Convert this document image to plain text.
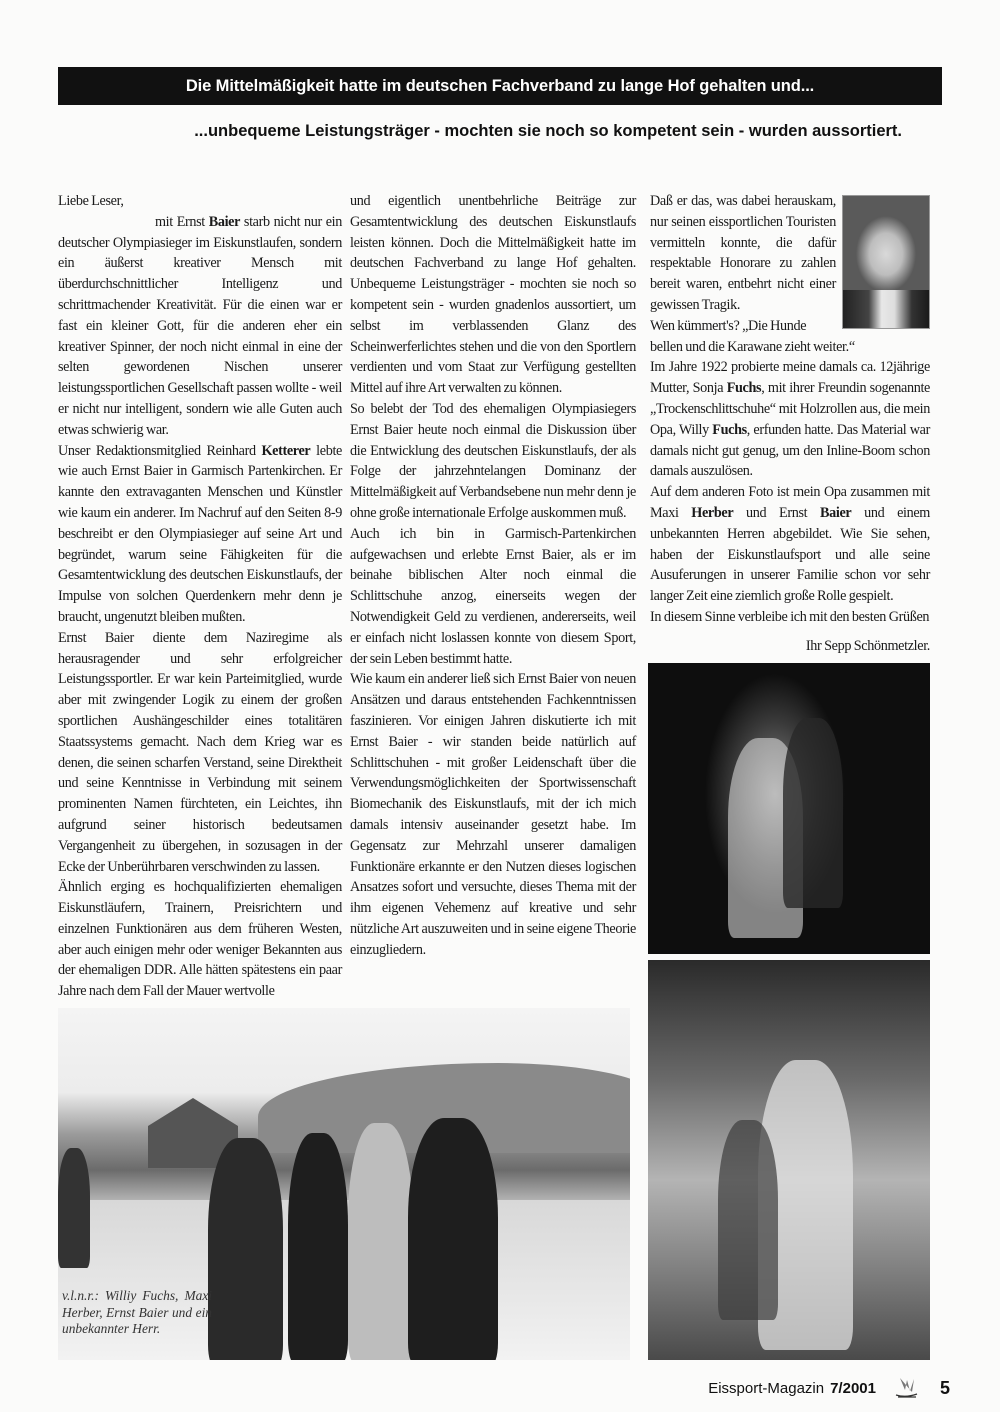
Die Mittelmäßigkeit hatte im deutschen Fachverband zu lange Hof gehalten und...
...unbequeme Leistungsträger - mochten sie noch so kompetent sein - wurden aussortiert.

Liebe Leser,

mit Ernst Baier starb nicht nur ein deutscher Olympiasieger im Eiskunstlaufen, sondern ein äußerst kreativer Mensch mit überdurchschnittlicher Intelligenz und schrittmachender Kreativität. Für die einen war er fast ein kleiner Gott, für die anderen eher ein kreativer Spinner, der noch nicht einmal in eine der selten gewordenen Nischen unserer leistungssportlichen Gesellschaft passen wollte - weil er nicht nur intelligent, sondern wie alle Guten auch etwas schwierig war.

Unser Redaktionsmitglied Reinhard Ketterer lebte wie auch Ernst Baier in Garmisch Partenkirchen. Er kannte den extravaganten Menschen und Künstler wie kaum ein anderer. Im Nachruf auf den Seiten 8-9 beschreibt er den Olympiasieger auf seine Art und begründet, warum seine Fähigkeiten für die Gesamtentwicklung des deutschen Eiskunstlaufs, der Impulse von solchen Querdenkern mehr denn je braucht, ungenutzt bleiben mußten.

Ernst Baier diente dem Naziregime als herausragender und sehr erfolgreicher Leistungssportler. Er war kein Parteimitglied, wurde aber mit zwingender Logik zu einem der großen sportlichen Aushängeschilder eines totalitären Staatssystems gemacht. Nach dem Krieg war es denen, die seinen scharfen Verstand, seine Direktheit und seine Kenntnisse in Verbindung mit seinem prominenten Namen fürchteten, ein Leichtes, ihn aufgrund seiner historisch bedeutsamen Vergangenheit zu übergehen, in sozusagen in der Ecke der Unberührbaren verschwinden zu lassen.

Ähnlich erging es hochqualifizierten ehemaligen Eiskunstläufern, Trainern, Preisrichtern und einzelnen Funktionären aus dem früheren Westen, aber auch einigen mehr oder weniger Bekannten aus der ehemaligen DDR. Alle hätten spätestens ein paar Jahre nach dem Fall der Mauer wertvolle

und eigentlich unentbehrliche Beiträge zur Gesamtentwicklung des deutschen Eiskunstlaufs leisten können. Doch die Mittelmäßigkeit hatte im deutschen Fachverband zu lange Hof gehalten. Unbequeme Leistungsträger - mochten sie noch so kompetent sein - wurden gnadenlos aussortiert, um selbst im verblassenden Glanz des Scheinwerferlichtes stehen und die von den Sportlern verdienten und vom Staat zur Verfügung gestellten Mittel auf ihre Art verwalten zu können.

So belebt der Tod des ehemaligen Olympiasiegers Ernst Baier heute noch einmal die Diskussion über die Entwicklung des deutschen Eiskunstlaufs, der als Folge der jahrzehntelangen Dominanz der Mittelmäßigkeit auf Verbandsebene nun mehr denn je ohne große internationale Erfolge auskommen muß.

Auch ich bin in Garmisch-Partenkirchen aufgewachsen und erlebte Ernst Baier, als er im beinahe biblischen Alter noch einmal die Schlittschuhe anzog, einerseits wegen der Notwendigkeit Geld zu verdienen, andererseits, weil er einfach nicht loslassen konnte von diesem Sport, der sein Leben bestimmt hatte.

Wie kaum ein anderer ließ sich Ernst Baier von neuen Ansätzen und daraus entstehenden Fachkenntnissen faszinieren. Vor einigen Jahren diskutierte ich mit Ernst Baier - wir standen beide natürlich auf Schlittschuhen - mit großer Leidenschaft über die Verwendungsmöglichkeiten der Sportwissenschaft Biomechanik des Eiskunstlaufs, mit der ich mich damals intensiv auseinander gesetzt habe. Im Gegensatz zur Mehrzahl unserer damaligen Funktionäre erkannte er den Nutzen dieses logischen Ansatzes sofort und versuchte, dieses Thema mit der ihm eigenen Vehemenz auf kreative und sehr nützliche Art auszuweiten und in seine eigene Theorie einzugliedern.

Daß er das, was dabei herauskam, nur seinen eissportlichen Touristen vermitteln konnte, die dafür respektable Honorare zu zahlen bereit waren, entbehrt nicht einer gewissen Tragik.

Wen kümmert's? „Die Hunde bellen und die Karawane zieht weiter.“

Im Jahre 1922 probierte meine damals ca. 12jährige Mutter, Sonja Fuchs, mit ihrer Freundin sogenannte „Trockenschlittschuhe“ mit Holzrollen aus, die mein Opa, Willy Fuchs, erfunden hatte. Das Material war damals nicht gut genug, um den Inline-Boom schon damals auszulösen.

Auf dem anderen Foto ist mein Opa zusammen mit Maxi Herber und Ernst Baier und einem unbekannten Herren abgebildet. Wie Sie sehen, haben der Eiskunstlaufsport und alle seine Ausuferungen in unserer Familie schon vor sehr langer Zeit eine ziemlich große Rolle gespielt.

In diesem Sinne verbleibe ich mit den besten Grüßen

Ihr Sepp Schönmetzler.

v.l.n.r.: Williy Fuchs, Maxi Herber, Ernst Baier und ein unbekannter Herr.
Eissport-Magazin 7/2001	5
